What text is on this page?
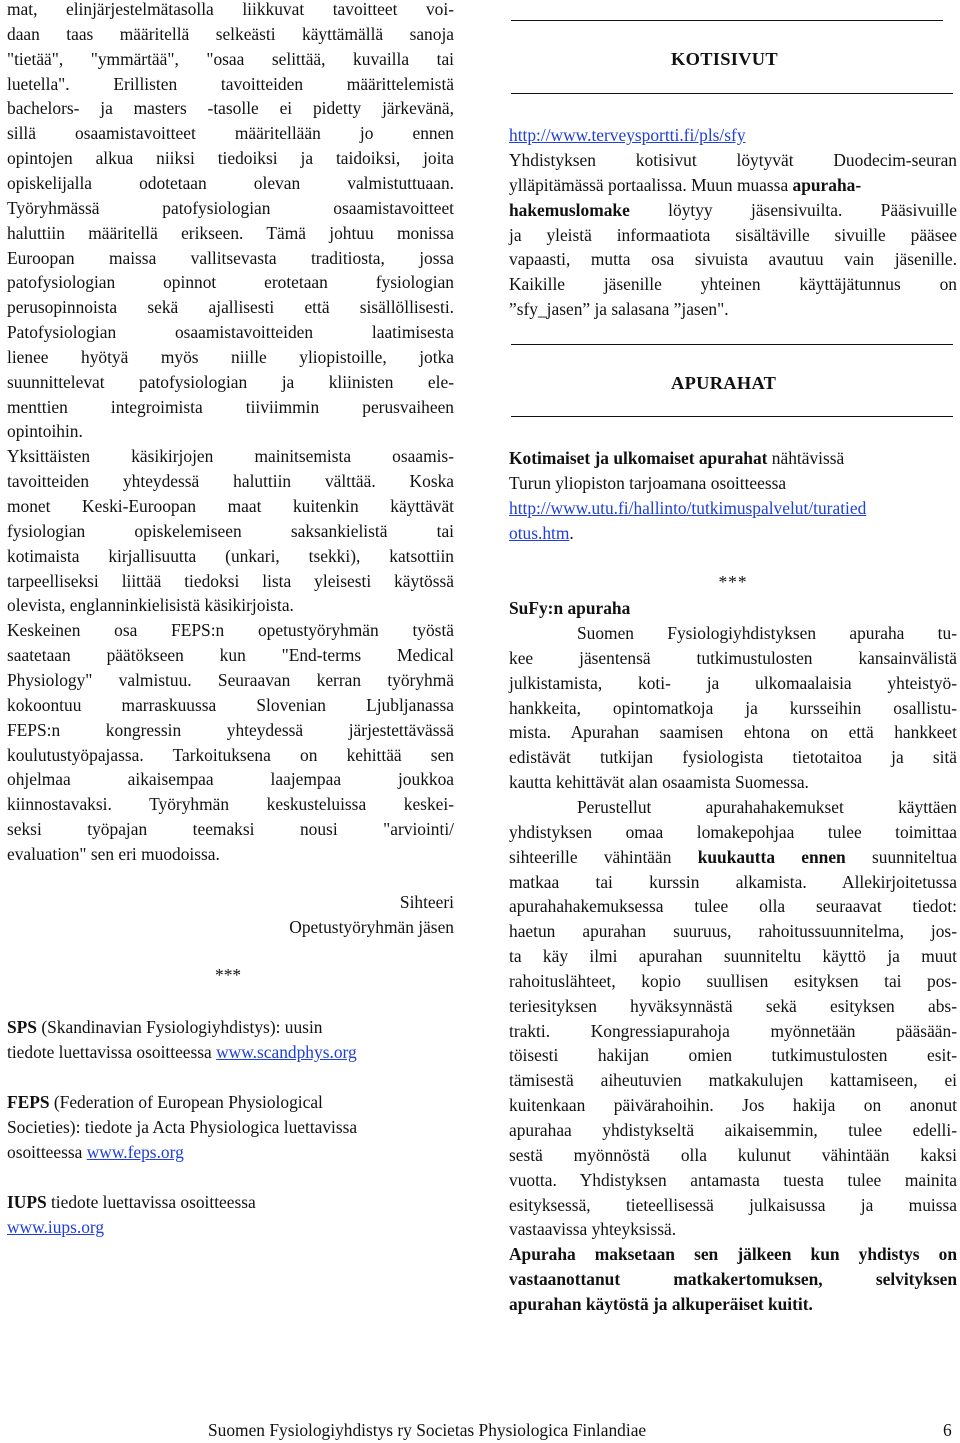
mat, elinjärjestelmätasolla liikkuvat tavoitteet voi-
daan taas määritellä selkeästi käyttämällä sanoja
"tietää", "ymmärtää", "osaa selittää, kuvailla tai
luetella". Erillisten tavoitteiden määrittelemistä
bachelors- ja masters -tasolle ei pidetty järkevänä,
sillä osaamistavoitteet määritellään jo ennen
opintojen alkua niiksi tiedoiksi ja taidoiksi, joita
opiskelijalla odotetaan olevan valmistuttuaan.
Työryhmässä patofysiologian osaamistavoitteet
haluttiin määritellä erikseen. Tämä johtuu monissa
Euroopan maissa vallitsevasta traditiosta, jossa
patofysiologian opinnot erotetaan fysiologian
perusopinnoista sekä ajallisesti että sisällöllisesti.
Patofysiologian osaamistavoitteiden laatimisesta
lienee hyötyä myös niille yliopistoille, jotka
suunnittelevat patofysiologian ja kliinisten ele-
menttien integroimista tiiviimmin perusvaiheen
opintoihin.
Yksittäisten käsikirjojen mainitsemista osaamis-
tavoitteiden yhteydessä haluttiin välttää. Koska
monet Keski-Euroopan maat kuitenkin käyttävät
fysiologian opiskelemiseen saksankielistä tai
kotimaista kirjallisuutta (unkari, tsekki), katsottiin
tarpeelliseksi liittää tiedoksi lista yleisesti käytössä
olevista, englanninkielisistä käsikirjoista.
Keskeinen osa FEPS:n opetustyöryhmän työstä
saatetaan päätökseen kun "End-terms Medical
Physiology" valmistuu. Seuraavan kerran työryhmä
kokoontuu marraskuussa Slovenian Ljubljanassa
FEPS:n kongressin yhteydessä järjestettävässä
koulutustyöpajassa. Tarkoituksena on kehittää sen
ohjelmaa aikaisempaa laajempaa joukkoa
kiinnostavaksi. Työryhmän keskusteluissa keskei-
seksi työpajan teemaksi nousi "arviointi/
evaluation" sen eri muodoissa.
Sihteeri
Opetustyöryhmän jäsen
***
SPS (Skandinavian Fysiologiyhdistys): uusin
tiedote luettavissa osoitteessa www.scandphys.org
FEPS (Federation of European Physiological
Societies): tiedote ja Acta Physiologica luettavissa
osoitteessa www.feps.org
IUPS tiedote luettavissa osoitteessa
www.iups.org
KOTISIVUT
http://www.terveysportti.fi/pls/sfy
Yhdistyksen kotisivut löytyvät Duodecim-seuran
ylläpitämässä portaalissa. Muun muassa apuraha-
hakemuslomake löytyy jäsensivuilta. Pääsivuille
ja yleistä informaatiota sisältäville sivuille pääsee
vapaasti, mutta osa sivuista avautuu vain jäsenille.
Kaikille jäsenille yhteinen käyttäjätunnus on
”sfy_jasen” ja salasana ”jasen".
APURAHAT
Kotimaiset ja ulkomaiset apurahat nähtävissä
Turun yliopiston tarjoamana osoitteessa
http://www.utu.fi/hallinto/tutkimuspalvelut/turatied
otus.htm.
***
SuFy:n apuraha
Suomen Fysiologiyhdistyksen apuraha tu-
kee jäsentensä tutkimustulosten kansainvälistä
julkistamista, koti- ja ulkomaalaisia yhteistyö-
hankkeita, opintomatkoja ja kursseihin osallistu-
mista. Apurahan saamisen ehtona on että hankkeet
edistävät tutkijan fysiologista tietotaitoa ja sitä
kautta kehittävät alan osaamista Suomessa.
Perustellut apurahahakemukset käyttäen
yhdistyksen omaa lomakepohjaa tulee toimittaa
sihteerille vähintään kuukautta ennen suunniteltua
matkaa tai kurssin alkamista. Allekirjoitetussa
apurahahakemuksessa tulee olla seuraavat tiedot:
haetun apurahan suuruus, rahoitussuunnitelma, jos-
ta käy ilmi apurahan suunniteltu käyttö ja muut
rahoituslähteet, kopio suullisen esityksen tai pos-
teriesityksen hyväksynnästä sekä esityksen abs-
trakti. Kongressiapurahoja myönnetään pääsään-
töisesti hakijan omien tutkimustulosten esit-
tämisestä aiheutuvien matkakulujen kattamiseen, ei
kuitenkaan päivärahoihin. Jos hakija on anonut
apurahaa yhdistykseltä aikaisemmin, tulee edelli-
sestä myönnöstä olla kulunut vähintään kaksi
vuotta. Yhdistyksen antamasta tuesta tulee mainita
esityksessä, tieteellisessä julkaisussa ja muissa
vastaavissa yhteyksissä.
Apuraha maksetaan sen jälkeen kun yhdistys on
vastaanottanut matkakertomuksen, selvityksen
apurahan käytöstä ja alkuperäiset kuitit.
Suomen Fysiologiyhdistys ry Societas Physiologica Finlandiae	6
